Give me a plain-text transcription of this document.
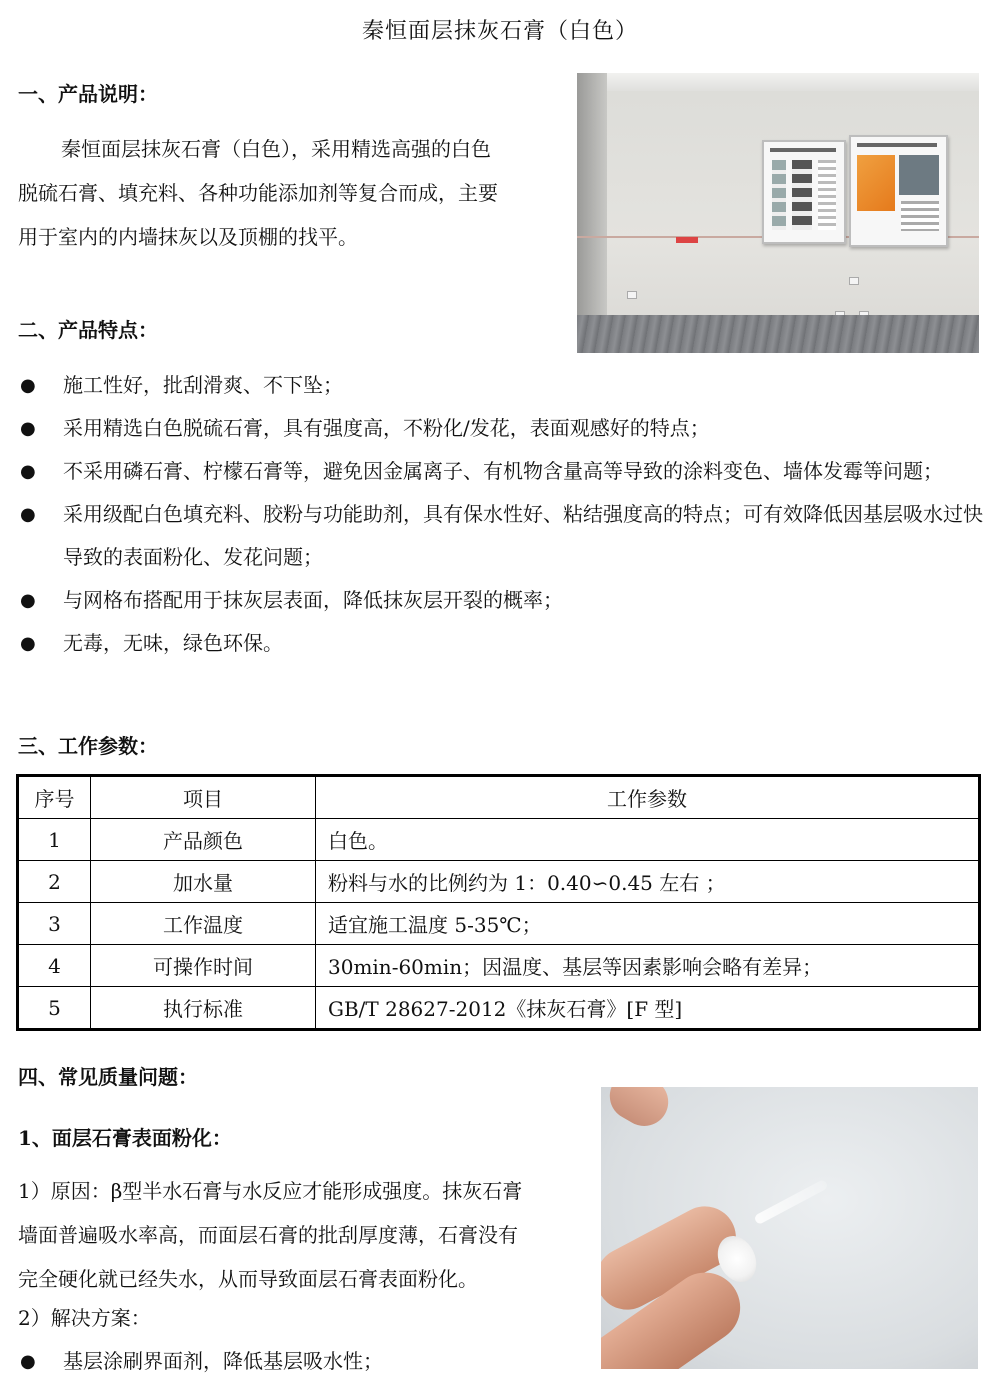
秦恒面层抹灰石膏（白色）
一、产品说明：
秦恒面层抹灰石膏（白色），采用精选高强的白色
脱硫石膏、填充料、各种功能添加剂等复合而成，主要
用于室内的内墙抹灰以及顶棚的找平。
二、产品特点：
● 施工性好，批刮滑爽、不下坠；
● 采用精选白色脱硫石膏，具有强度高，不粉化/发花，表面观感好的特点；
● 不采用磷石膏、柠檬石膏等，避免因金属离子、有机物含量高等导致的涂料变色、墙体发霉等问题；
● 采用级配白色填充料、胶粉与功能助剂，具有保水性好、粘结强度高的特点；可有效降低因基层吸水过快导致的表面粉化、发花问题；
● 与网格布搭配用于抹灰层表面，降低抹灰层开裂的概率；
● 无毒，无味，绿色环保。
三、工作参数：
序号	项目	工作参数
1	产品颜色	白色。
2	加水量	粉料与水的比例约为 1：0.40∽0.45 左右 ；
3	工作温度	适宜施工温度 5-35℃；
4	可操作时间	30min-60min；因温度、基层等因素影响会略有差异；
5	执行标准	GB/T 28627-2012《抹灰石膏》[F 型]
四、常见质量问题：
1、面层石膏表面粉化：
1）原因：β型半水石膏与水反应才能形成强度。抹灰石膏
墙面普遍吸水率高，而面层石膏的批刮厚度薄，石膏没有
完全硬化就已经失水，从而导致面层石膏表面粉化。
2）解决方案：
● 基层涂刷界面剂，降低基层吸水性；
